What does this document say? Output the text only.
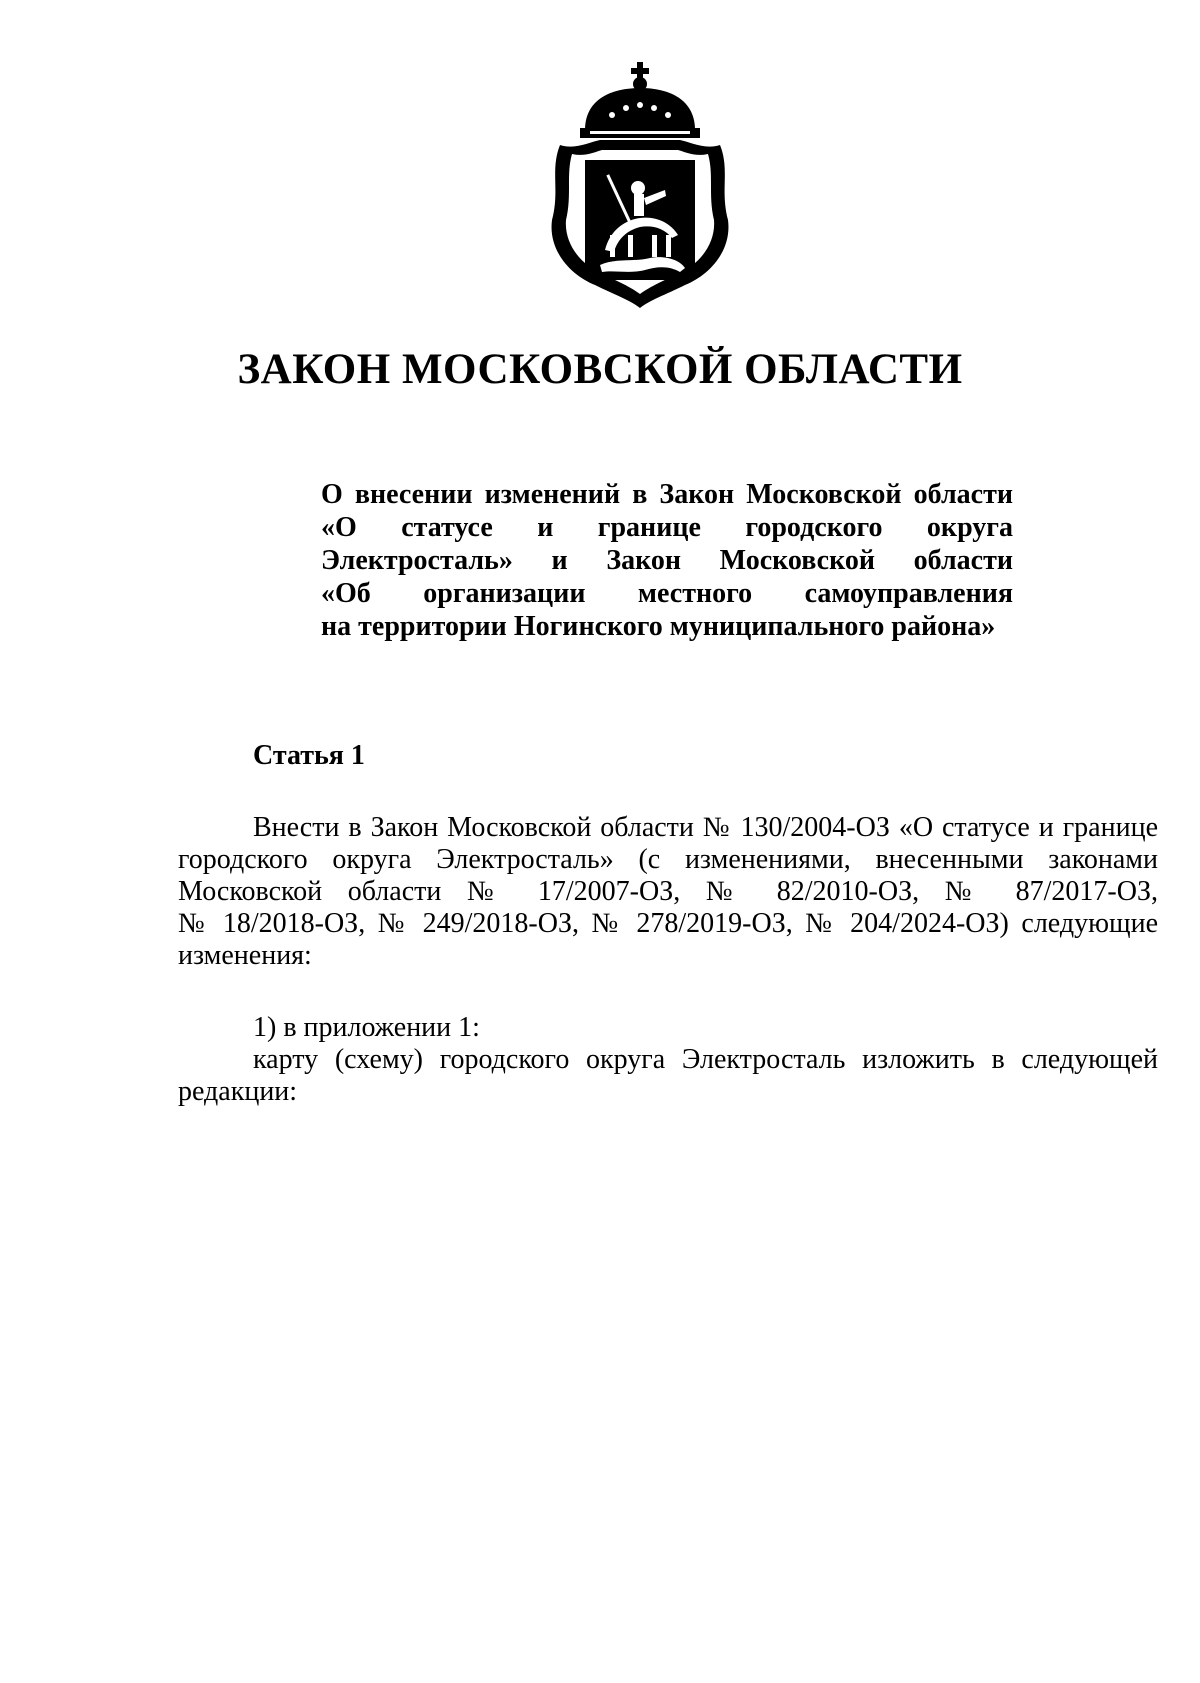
ЗАКОН МОСКОВСКОЙ ОБЛАСТИ
О внесении изменений в Закон Московской области
«О статусе и границе городского округа
Электросталь» и Закон Московской области
«Об организации местного самоуправления
на территории Ногинского муниципального района»
Статья 1
Внести в Закон Московской области № 130/2004-ОЗ «О статусе и границе
городского округа Электросталь» (с изменениями, внесенными законами
Московской области № 17/2007-ОЗ, № 82/2010-ОЗ, № 87/2017-ОЗ,
№ 18/2018-ОЗ, № 249/2018-ОЗ, № 278/2019-ОЗ, № 204/2024-ОЗ) следующие
изменения:
1) в приложении 1:
карту (схему) городского округа Электросталь изложить в следующей
редакции:
